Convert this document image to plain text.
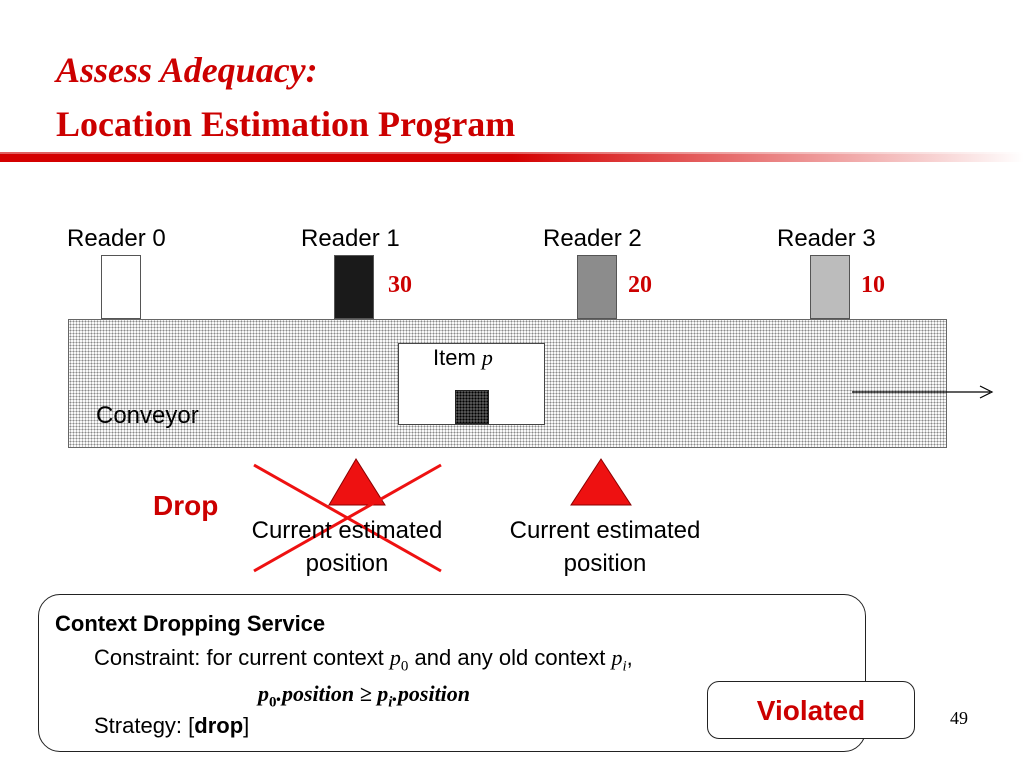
Assess Adequacy:
Location Estimation Program
Reader 0	Reader 1	Reader 2	Reader 3
30	20	10
Conveyor
Item p
Current estimated
position
Current estimated
position
Drop
Context Dropping Service
Constraint: for current context $p_0$ and any old context $p_i$,
$p_0.position$ ≥ $p_i.position$
Strategy: [drop]	Violated	49
